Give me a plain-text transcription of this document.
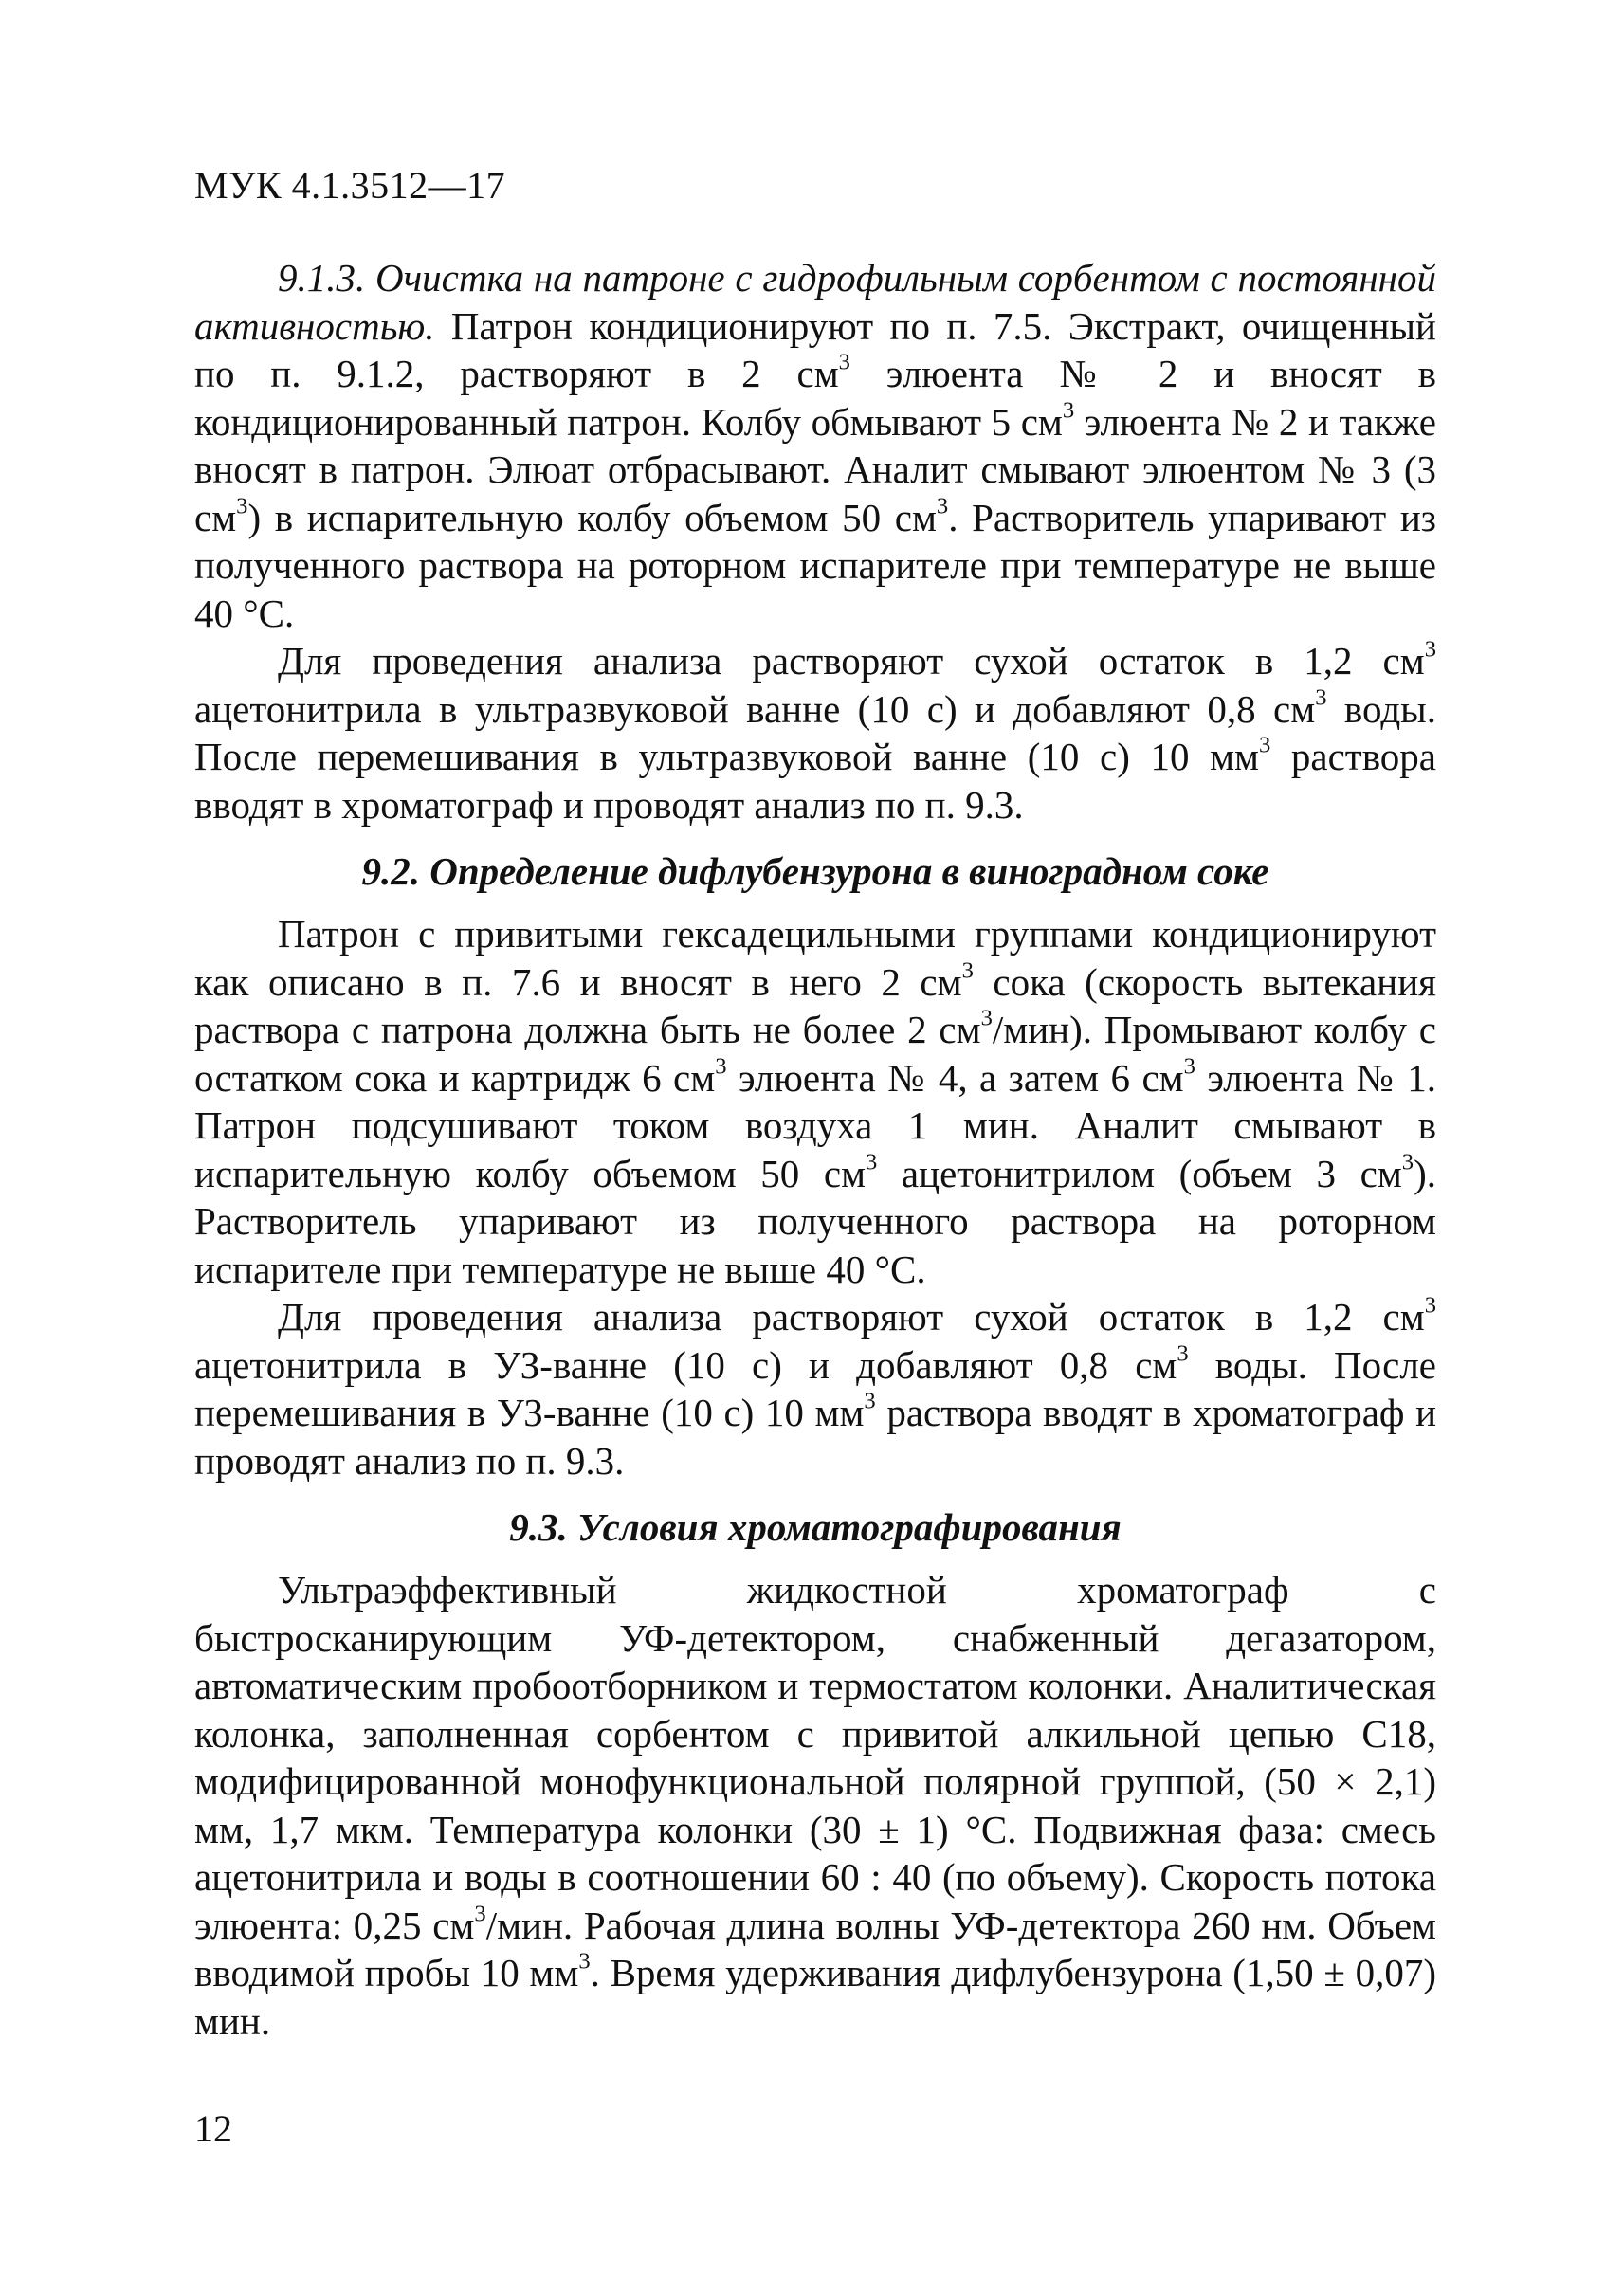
МУК 4.1.3512—17

9.1.3. Очистка на патроне с гидрофильным сорбентом с постоянной активностью. Патрон кондиционируют по п. 7.5. Экстракт, очищенный по п. 9.1.2, растворяют в 2 $см^3$ элюента № 2 и вносят в кондиционированный патрон. Колбу обмывают 5 $см^3$ элюента № 2 и также вносят в патрон. Элюат отбрасывают. Аналит смывают элюентом № 3 (3 $см^3$) в испарительную колбу объемом 50 $см^3$. Растворитель упаривают из полученного раствора на роторном испарителе при температуре не выше 40 °С.

Для проведения анализа растворяют сухой остаток в 1,2 $см^3$ ацетонитрила в ультразвуковой ванне (10 с) и добавляют 0,8 $см^3$ воды. После перемешивания в ультразвуковой ванне (10 с) 10 $мм^3$ раствора вводят в хроматограф и проводят анализ по п. 9.3.

9.2. Определение дифлубензурона в виноградном соке

Патрон с привитыми гексадецильными группами кондиционируют как описано в п. 7.6 и вносят в него 2 $см^3$ сока (скорость вытекания раствора с патрона должна быть не более 2 $см^3/мин$). Промывают колбу с остатком сока и картридж 6 $см^3$ элюента № 4, а затем 6 $см^3$ элюента № 1. Патрон подсушивают током воздуха 1 мин. Аналит смывают в испарительную колбу объемом 50 $см^3$ ацетонитрилом (объем 3 $см^3$). Растворитель упаривают из полученного раствора на роторном испарителе при температуре не выше 40 °С.

Для проведения анализа растворяют сухой остаток в 1,2 $см^3$ ацетонитрила в УЗ-ванне (10 с) и добавляют 0,8 $см^3$ воды. После перемешивания в УЗ-ванне (10 с) 10 $мм^3$ раствора вводят в хроматограф и проводят анализ по п. 9.3.

9.3. Условия хроматографирования

Ультраэффективный жидкостной хроматограф с быстросканирующим УФ-детектором, снабженный дегазатором, автоматическим пробоотборником и термостатом колонки. Аналитическая колонка, заполненная сорбентом с привитой алкильной цепью С18, модифицированной монофункциональной полярной группой, (50 × 2,1) мм, 1,7 мкм. Температура колонки (30 ± 1) °С. Подвижная фаза: смесь ацетонитрила и воды в соотношении 60 : 40 (по объему). Скорость потока элюента: 0,25 $см^3$/мин. Рабочая длина волны УФ-детектора 260 нм. Объем вводимой пробы 10 $мм^3$. Время удерживания дифлубензурона (1,50 ± 0,07) мин.

12
